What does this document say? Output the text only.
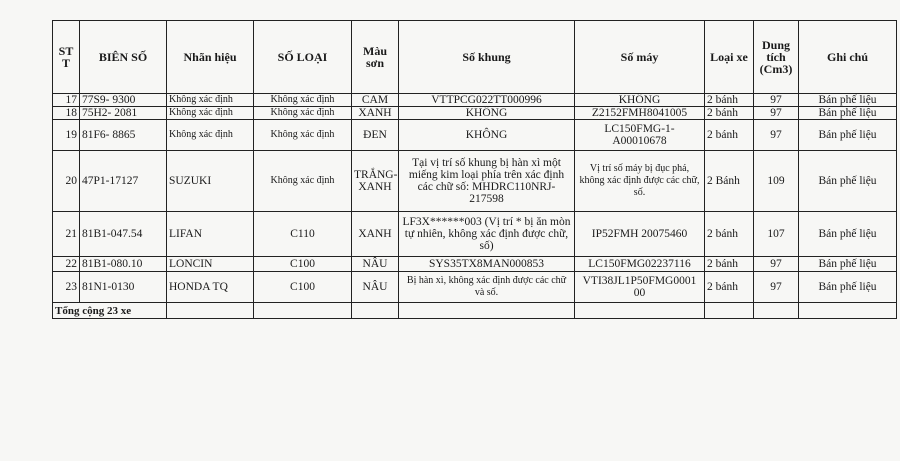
ST T	BIÊN SỐ	Nhãn hiệu	SỐ LOẠI	Màu sơn	Số khung	Số máy	Loại xe	Dung tích (Cm3)	Ghi chú
17	77S9- 9300	Không xác định	Không xác định	CAM	VTTPCG022TT000996	KHÔNG	2 bánh	97	Bán phế liệu
18	75H2- 2081	Không xác định	Không xác định	XANH	KHÔNG	Z2152FMH8041005	2 bánh	97	Bán phế liệu
19	81F6- 8865	Không xác định	Không xác định	ĐEN	KHÔNG	LC150FMG-1- A00010678	2 bánh	97	Bán phế liệu
20	47P1-17127	SUZUKI	Không xác định	TRẮNG- XANH	Tại vị trí số khung bị hàn xì một miếng kim loại phía trên xác định các chữ số: MHDRC110NRJ- 217598	Vị trí số máy bị đục phá, không xác định được các chữ, số.	2 Bánh	109	Bán phế liệu
21	81B1-047.54	LIFAN	C110	XANH	LF3X******003 (Vị trí * bị ăn mòn tự nhiên, không xác định được chữ, số)	IP52FMH 20075460	2 bánh	107	Bán phế liệu
22	81B1-080.10	LONCIN	C100	NÂU	SYS35TX8MAN000853	LC150FMG02237116	2 bánh	97	Bán phế liệu
23	81N1-0130	HONDA TQ	C100	NÂU	Bị hàn xì, không xác định được các chữ và số.	VTI38JL1P50FMG0001 00	2 bánh	97	Bán phế liệu
Tổng cộng 23 xe									
